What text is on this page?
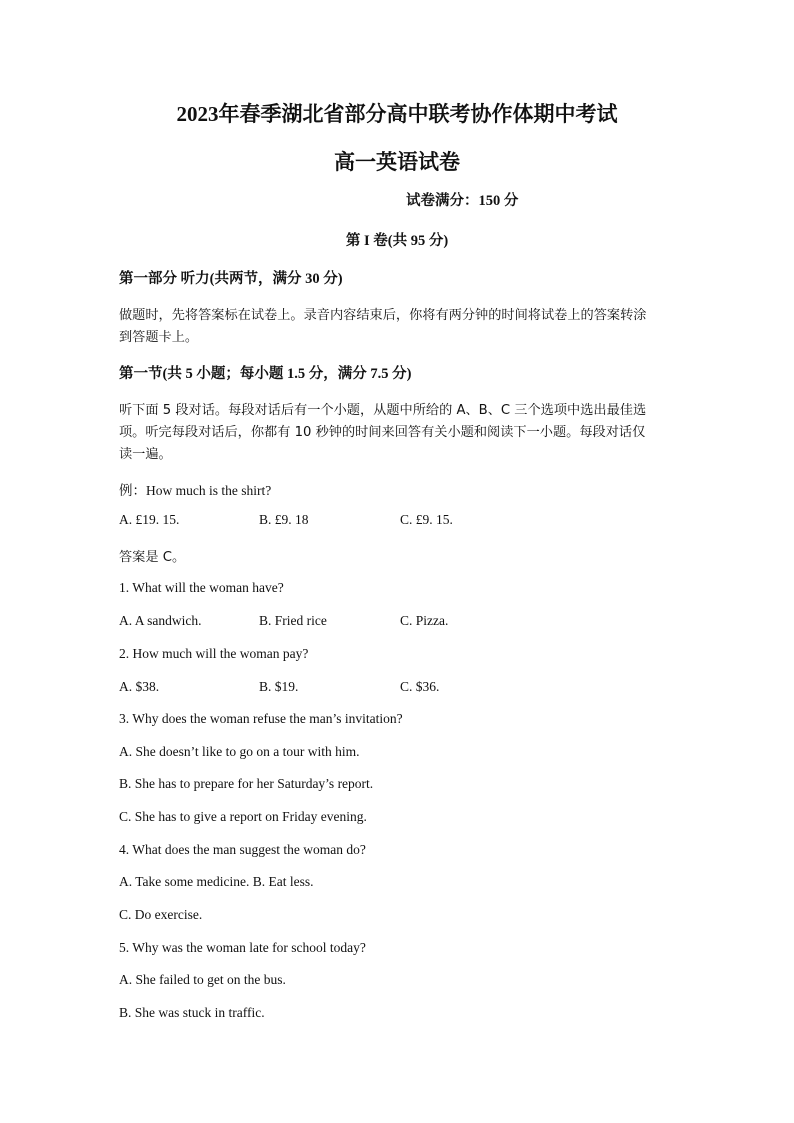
2023年春季湖北省部分高中联考协作体期中考试
高一英语试卷
试卷满分：150 分
第 I 卷(共 95 分)
第一部分 听力(共两节，满分 30 分)
做题时，先将答案标在试卷上。录音内容结束后，你将有两分钟的时间将试卷上的答案转涂
到答题卡上。
第一节(共 5 小题；每小题 1.5 分，满分 7.5 分)
听下面 5 段对话。每段对话后有一个小题，从题中所给的 A、B、C 三个选项中选出最佳选
项。听完每段对话后，你都有 10 秒钟的时间来回答有关小题和阅读下一小题。每段对话仅
读一遍。
例：How much is the shirt?
A. £19. 15.	B. £9. 18	C. £9. 15.
答案是 C。
1. What will the woman have?
A. A sandwich.	B. Fried rice	C. Pizza.
2. How much will the woman pay?
A. $38.	B. $19.	C. $36.
3. Why does the woman refuse the man’s invitation?
A. She doesn’t like to go on a tour with him.
B. She has to prepare for her Saturday’s report.
C. She has to give a report on Friday evening.
4. What does the man suggest the woman do?
A. Take some medicine. B. Eat less.
C. Do exercise.
5. Why was the woman late for school today?
A. She failed to get on the bus.
B. She was stuck in traffic.
